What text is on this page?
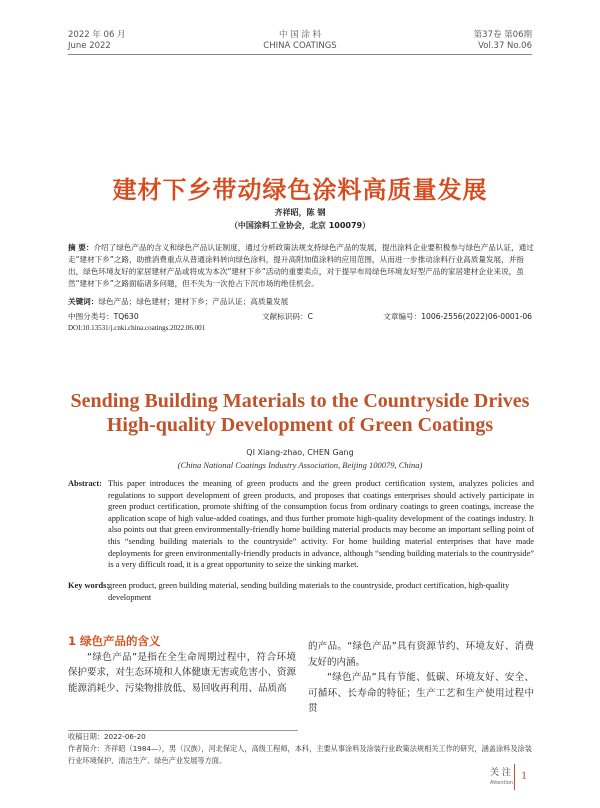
2022 年 06 月
June 2022
中 国 涂 料
CHINA COATINGS
第37卷 第06期
Vol.37 No.06
建材下乡带动绿色涂料高质量发展
齐祥昭，陈 钢
（中国涂料工业协会，北京 100079）
摘 要：介绍了绿色产品的含义和绿色产品认证制度，通过分析政策法规支持绿色产品的发展，提出涂料企业要积极参与绿色产品认证，通过走“建材下乡”之路，助推消费重点从普通涂料转向绿色涂料，提升高附加值涂料的应用范围，从而进一步推动涂料行业高质量发展，并指出，绿色环境友好的家居建材产品或将成为本次“建材下乡”活动的重要卖点，对于提早布局绿色环境友好型产品的家居建材企业来说，虽然“建材下乡”之路面临诸多问题，但不失为一次抢占下沉市场的绝佳机会。
关键词：绿色产品；绿色建材；建材下乡；产品认证；高质量发展
中图分类号：TQ630	文献标识码：C	文章编号：1006-2556(2022)06-0001-06
DOI:10.13531/j.cnki.china.coatings.2022.06.001
Sending Building Materials to the Countryside Drives
High-quality Development of Green Coatings
QI Xiang-zhao, CHEN Gang
(China National Coatings Industry Association, Beijing 100079, China)
Abstract: This paper introduces the meaning of green products and the green product certification system, analyzes policies and regulations to support development of green products, and proposes that coatings enterprises should actively participate in green product certification, promote shifting of the consumption focus from ordinary coatings to green coatings, increase the application scope of high value-added coatings, and thus further promote high-quality development of the coatings industry. It also points out that green environmentally-friendly home building material products may become an important selling point of this “sending building materials to the countryside” activity. For home building material enterprises that have made deployments for green environmentally-friendly products in advance, although “sending building materials to the countryside” is a very difficult road, it is a great opportunity to seize the sinking market.
Key words:
green product, green building material, sending building materials to the countryside, product certification, high-quality development
1 绿色产品的含义
“绿色产品”是指在全生命周期过程中，符合环境保护要求，对生态环境和人体健康无害或危害小、资源能源消耗少、污染物排放低、易回收再利用、品质高
的产品。“绿色产品”具有资源节约、环境友好、消费友好的内涵。
“绿色产品”具有节能、低碳、环境友好、安全、可循环、长寿命的特征；生产工艺和生产使用过程中贯
收稿日期：2022-06-20
作者简介：齐祥昭（1984—），男（汉族），河北保定人，高级工程师，本科，主要从事涂料及涂装行业政策法规相关工作的研究，涵盖涂料及涂装行业环境保护、清洁生产、绿色产业发展等方面。
关 注
Attention
1
